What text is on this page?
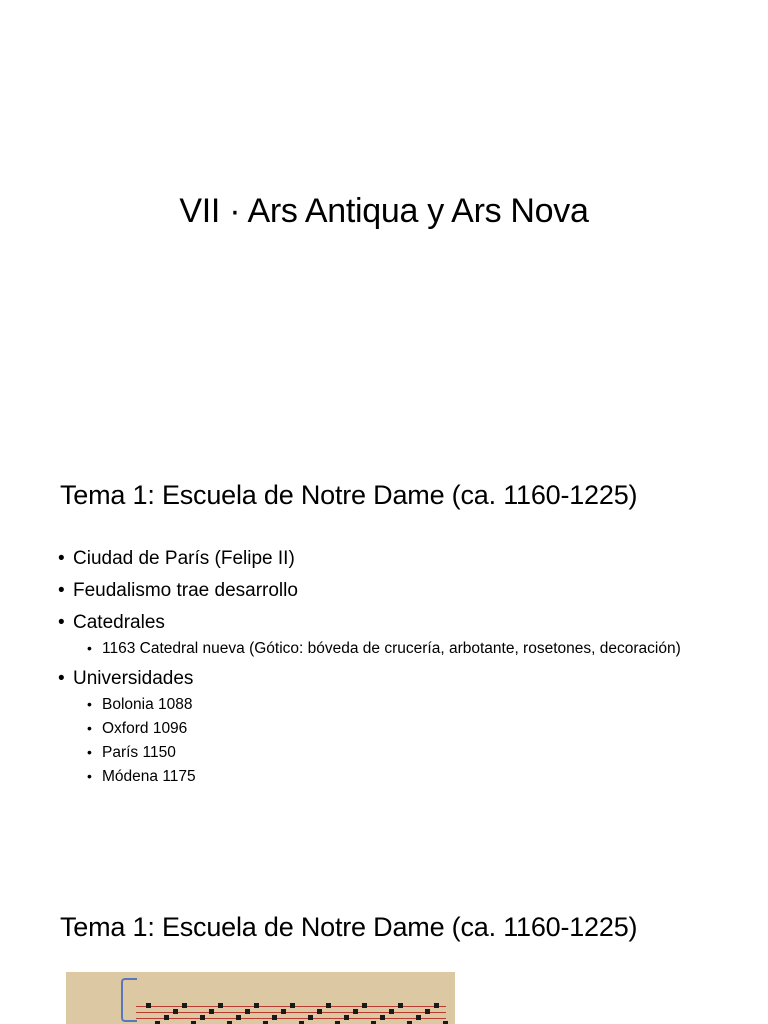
VII · Ars Antiqua y Ars Nova
Tema 1: Escuela de Notre Dame (ca. 1160-1225)
• Ciudad de París (Felipe II)
• Feudalismo trae desarrollo
• Catedrales
• 1163 Catedral nueva (Gótico: bóveda de crucería, arbotante, rosetones, decoración)
• Universidades
• Bolonia 1088
• Oxford 1096
• París 1150
• Módena 1175
Tema 1: Escuela de Notre Dame (ca. 1160-1225)
